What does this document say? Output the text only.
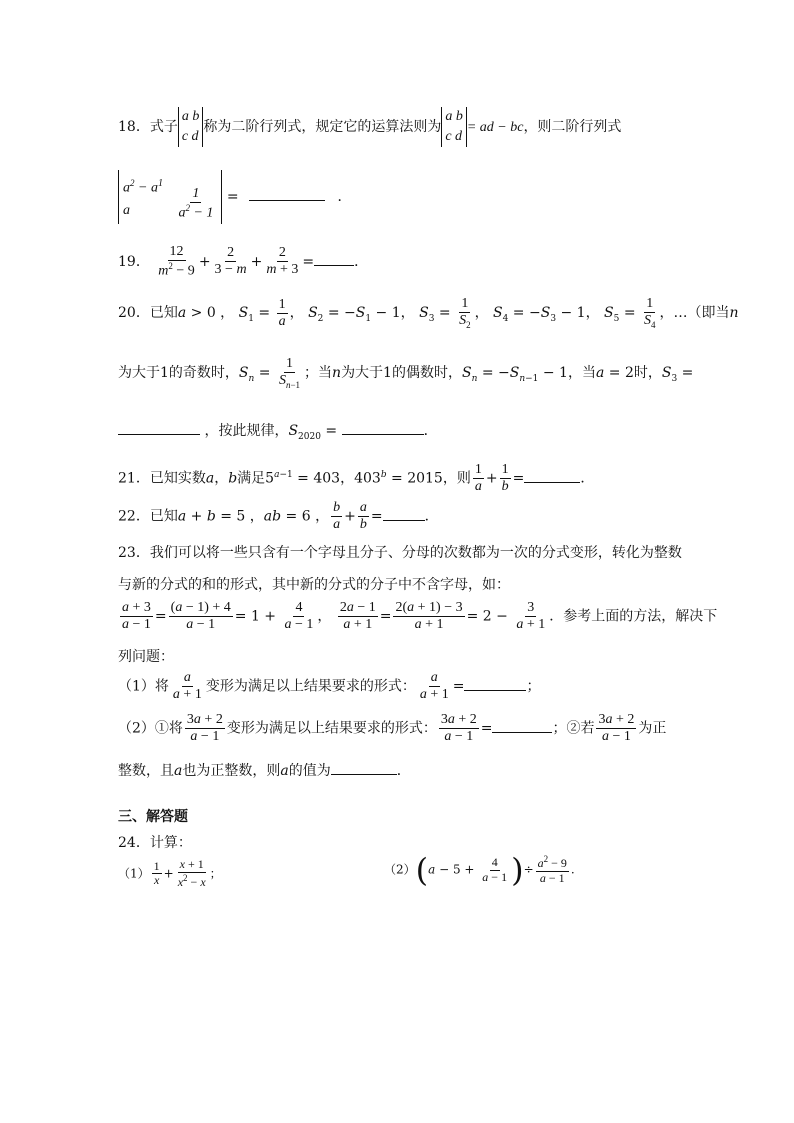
18．式子a b
c d称为二阶行列式，规定它的运算法则为a b
c d= ad − bc，则二阶行列式
$a^2 - a^1$
a	$\frac{1}{a^2 - 1}$ =	．
19． $\frac{12}{m^2 - 9} + \frac{2}{3 - m} + \frac{2}{m + 3}$ =	．
20．已知a > 0 ， $S_1 = \frac{1}{a}$ ， $S_2 = -S_1 - 1$， $S_3 = \frac{1}{S_2}$ ， $S_4 = -S_3 - 1$， $S_5 = \frac{1}{S_4}$ ，…（即当n
为大于1的奇数时，$S_n = \frac{1}{S_{n-1}}$ ；当n为大于1的偶数时，$S_n = -S_{n-1} - 1$，当a = 2时，$S_3$ =
，按此规律，$S_{2020}$ =	．
21．已知实数a，b满足$5^{a-1} = 403$，$403^b = 2015$，则 $\frac{1}{a} + \frac{1}{b}$ =	．
22．已知a + b = 5 ，ab = 6 ， $\frac{b}{a} + \frac{a}{b}$ =	．
23．我们可以将一些只含有一个字母且分子、分母的次数都为一次的分式变形，转化为整数
与新的分式的和的形式，其中新的分式的分子中不含字母，如：
$\frac{a + 3}{a - 1} = \frac{(a - 1) + 4}{a - 1} = 1 + \frac{4}{a - 1}$ ， $\frac{2a - 1}{a + 1} = \frac{2(a + 1) - 3}{a + 1} = 2 - \frac{3}{a + 1}$ ．参考上面的方法，解决下
列问题：
（1）将 $\frac{a}{a + 1}$ 变形为满足以上结果要求的形式： $\frac{a}{a + 1}$ =	；
（2）①将 $\frac{3a + 2}{a - 1}$ 变形为满足以上结果要求的形式： $\frac{3a + 2}{a - 1}$ =	；②若 $\frac{3a + 2}{a - 1}$ 为正
整数，且a也为正整数，则a的值为	．
三、解答题
24．计算：
$(1) \frac{1}{x} + \frac{x + 1}{x^2 - x}$ ；	$(2)(a - 5 + \frac{4}{a - 1}$ )÷ $\frac{a^2 - 9}{a - 1}$ .
